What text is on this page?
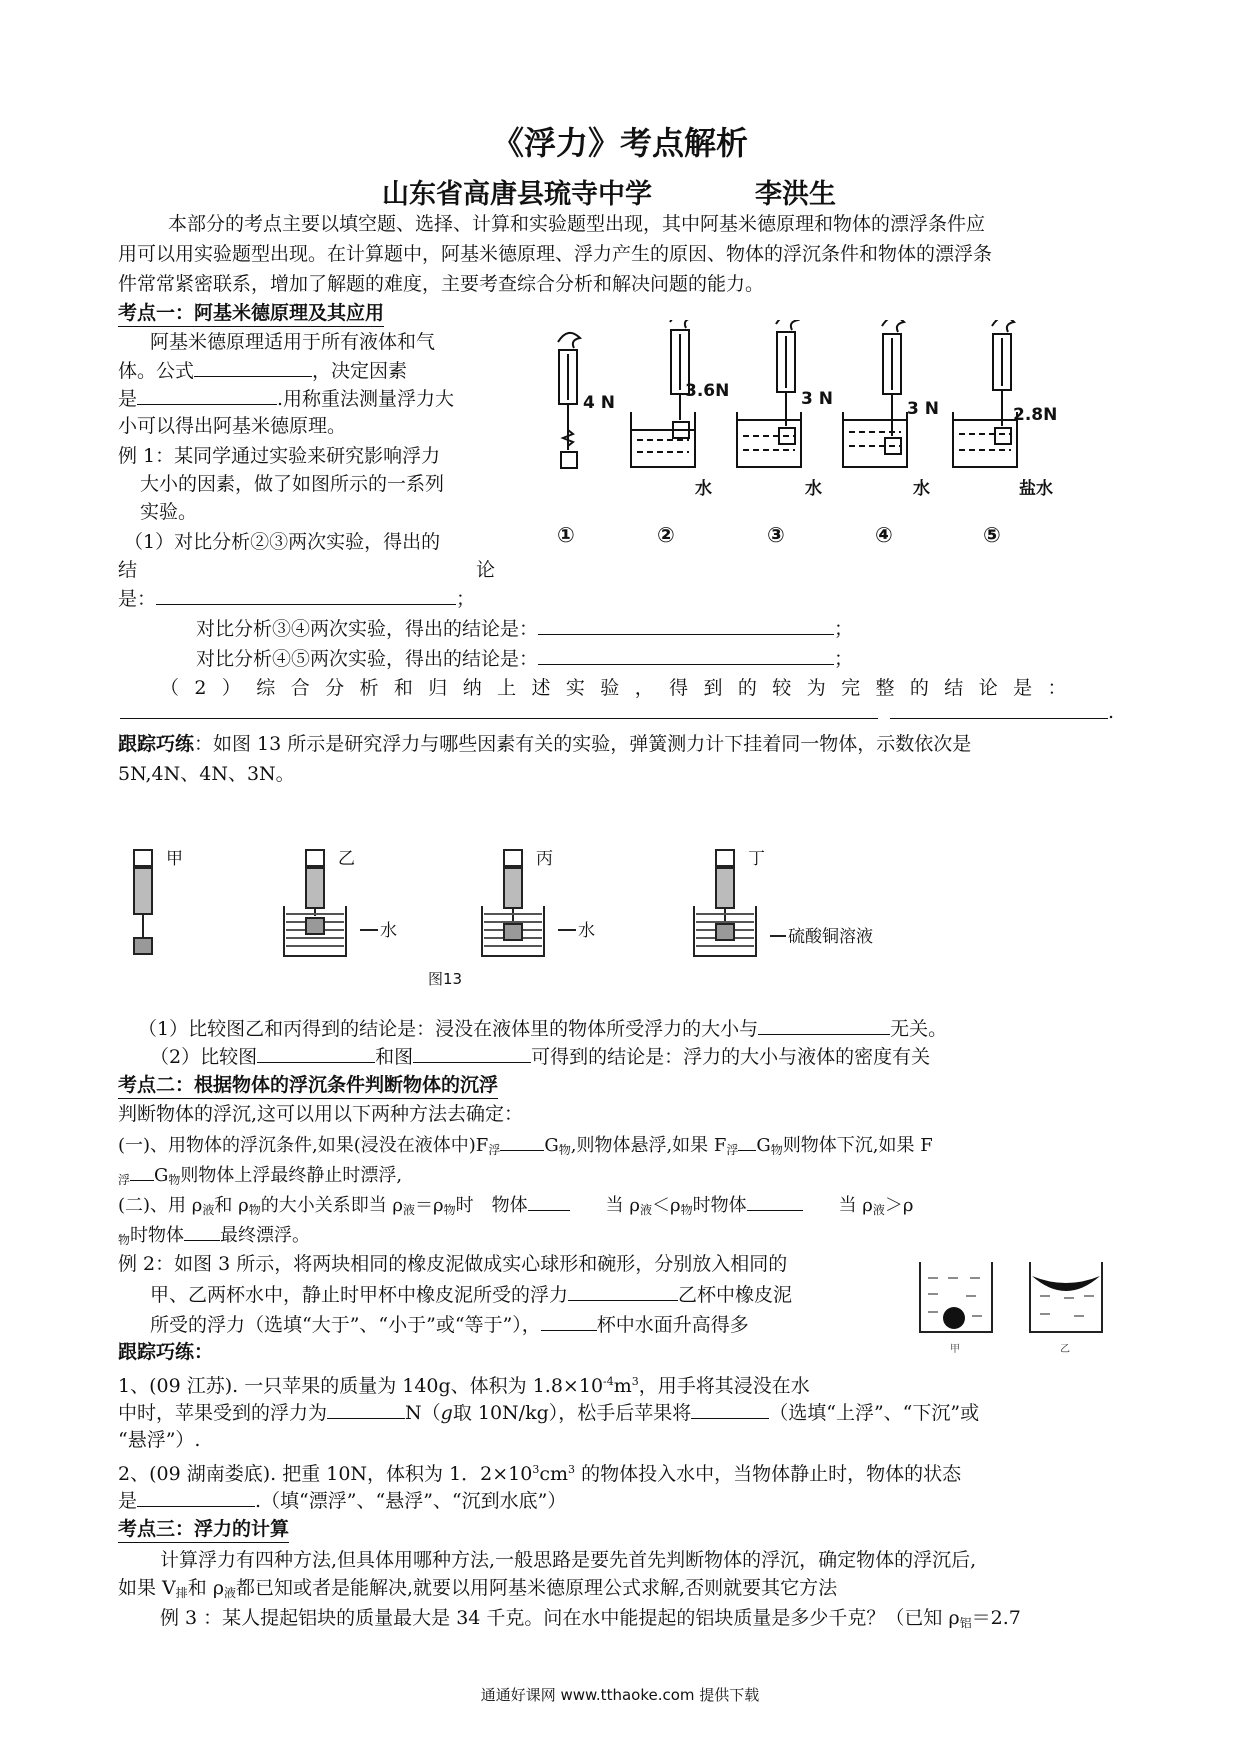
《浮力》考点解析
山东省高唐县琉寺中学	李洪生
本部分的考点主要以填空题、选择、计算和实验题型出现，其中阿基米德原理和物体的漂浮条件应
用可以用实验题型出现。在计算题中，阿基米德原理、浮力产生的原因、物体的浮沉条件和物体的漂浮条
件常常紧密联系，增加了解题的难度，主要考查综合分析和解决问题的能力。
考点一：阿基米德原理及其应用
阿基米德原理适用于所有液体和气
体。公式	，决定因素
是	.用称重法测量浮力大
小可以得出阿基米德原理。
例 1：某同学通过实验来研究影响浮力
大小的因素，做了如图所示的一系列
实验。
（1）对比分析②③两次实验，得出的
结	论
是：	；
对比分析③④两次实验，得出的结论是：	；
对比分析④⑤两次实验，得出的结论是：	；
（2）综合分析和归纳上述实验，得到的较为完整的结论是：
.
4 N
3.6N	3 N	3 N	2.8N
水	水	水	盐水
①	②	③	④	⑤
跟踪巧练：如图 13 所示是研究浮力与哪些因素有关的实验，弹簧测力计下挂着同一物体，示数依次是
5N,4N、4N、3N。
甲	乙	丙	丁
水	水	硫酸铜溶液
图13
（1）比较图乙和丙得到的结论是：浸没在液体里的物体所受浮力的大小与	无关。
（2）比较图	和图	可得到的结论是：浮力的大小与液体的密度有关
考点二：根据物体的浮沉条件判断物体的沉浮
判断物体的浮沉,这可以用以下两种方法去确定：
(一)、用物体的浮沉条件,如果(浸没在液体中)$F_浮$ $G_物$,则物体悬浮,如果 $F_浮$ $G_物$则物体下沉,如果 F
$_浮$ $G_物$则物体上浮最终静止时漂浮,
(二)、用 $\rho_液$和 $\rho_物$的大小关系即当 $\rho_液=\rho_物$时　物体　　	当 $\rho_液<\rho_物$时物体　　	当 $\rho_液>\rho$
$_物$时物体 最终漂浮。
例 2：如图 3 所示，将两块相同的橡皮泥做成实心球形和碗形，分别放入相同的
甲、乙两杯水中，静止时甲杯中橡皮泥所受的浮力	乙杯中橡皮泥
所受的浮力（选填“大于”、“小于”或“等于”），	杯中水面升高得多
甲	乙
跟踪巧练：
1、(09 江苏). 一只苹果的质量为 140g、体积为 $1.8\times 10^{-4}m^3$，用手将其浸没在水
中时，苹果受到的浮力为	N（g取 10N/kg），松手后苹果将	（选填“上浮”、“下沉”或
“悬浮”）.
2、(09 湖南娄底). 把重 10N，体积为 1．$2\times 10^3cm^3$ 的物体投入水中，当物体静止时，物体的状态
是	.（填“漂浮”、“悬浮”、“沉到水底”）
考点三：浮力的计算
计算浮力有四种方法,但具体用哪种方法,一般思路是要先首先判断物体的浮沉，确定物体的浮沉后,
如果 $V_排$和 $\rho_液$都已知或者是能解决,就要以用阿基米德原理公式求解,否则就要其它方法
例 3 ：某人提起铝块的质量最大是 34 千克。问在水中能提起的铝块质量是多少千克？（已知 $\rho_铝=2.7$
通通好课网 www.tthaoke.com 提供下载
